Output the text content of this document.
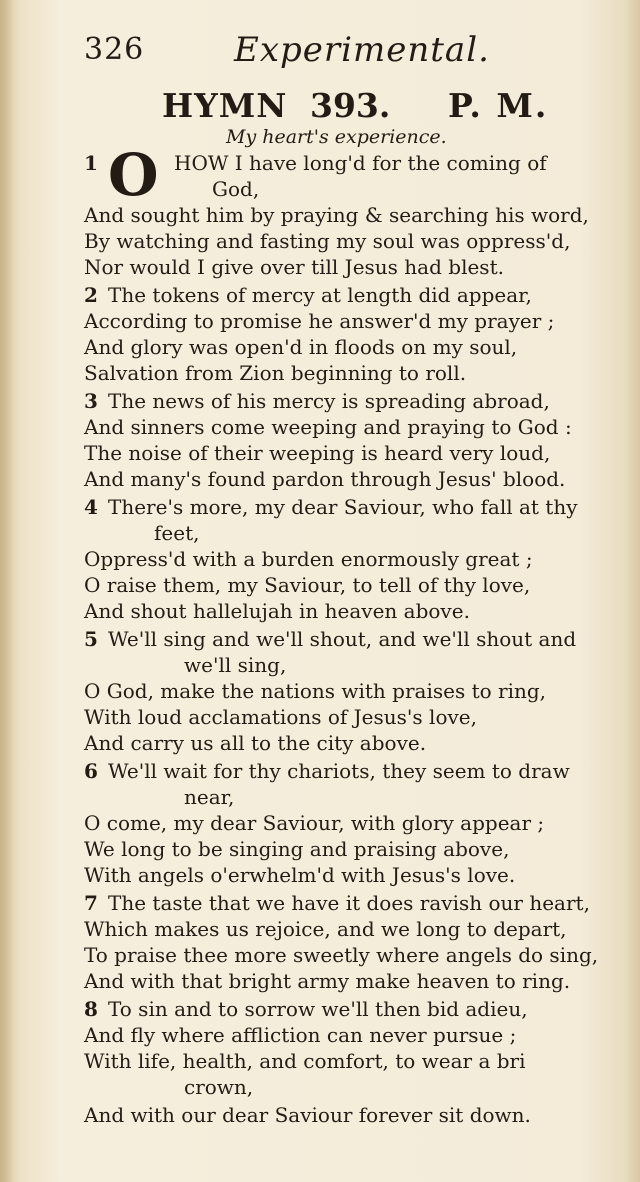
326	Experimental.
HYMN 393. P. M.
My heart's experience.
O
1	HOW I have long'd for the coming of
God,
And sought him by praying & searching his word,
By watching and fasting my soul was oppress'd,
Nor would I give over till Jesus had blest.
2 The tokens of mercy at length did appear,
According to promise he answer'd my prayer ;
And glory was open'd in floods on my soul,
Salvation from Zion beginning to roll.
3 The news of his mercy is spreading abroad,
And sinners come weeping and praying to God :
The noise of their weeping is heard very loud,
And many's found pardon through Jesus' blood.
4 There's more, my dear Saviour, who fall at thy
feet,
Oppress'd with a burden enormously great ;
O raise them, my Saviour, to tell of thy love,
And shout hallelujah in heaven above.
5 We'll sing and we'll shout, and we'll shout and
we'll sing,
O God, make the nations with praises to ring,
With loud acclamations of Jesus's love,
And carry us all to the city above.
6 We'll wait for thy chariots, they seem to draw
near,
O come, my dear Saviour, with glory appear ;
We long to be singing and praising above,
With angels o'erwhelm'd with Jesus's love.
7 The taste that we have it does ravish our heart,
Which makes us rejoice, and we long to depart,
To praise thee more sweetly where angels do sing,
And with that bright army make heaven to ring.
8 To sin and to sorrow we'll then bid adieu,
And fly where affliction can never pursue ;
With life, health, and comfort, to wear a bri
crown,
And with our dear Saviour forever sit down.
